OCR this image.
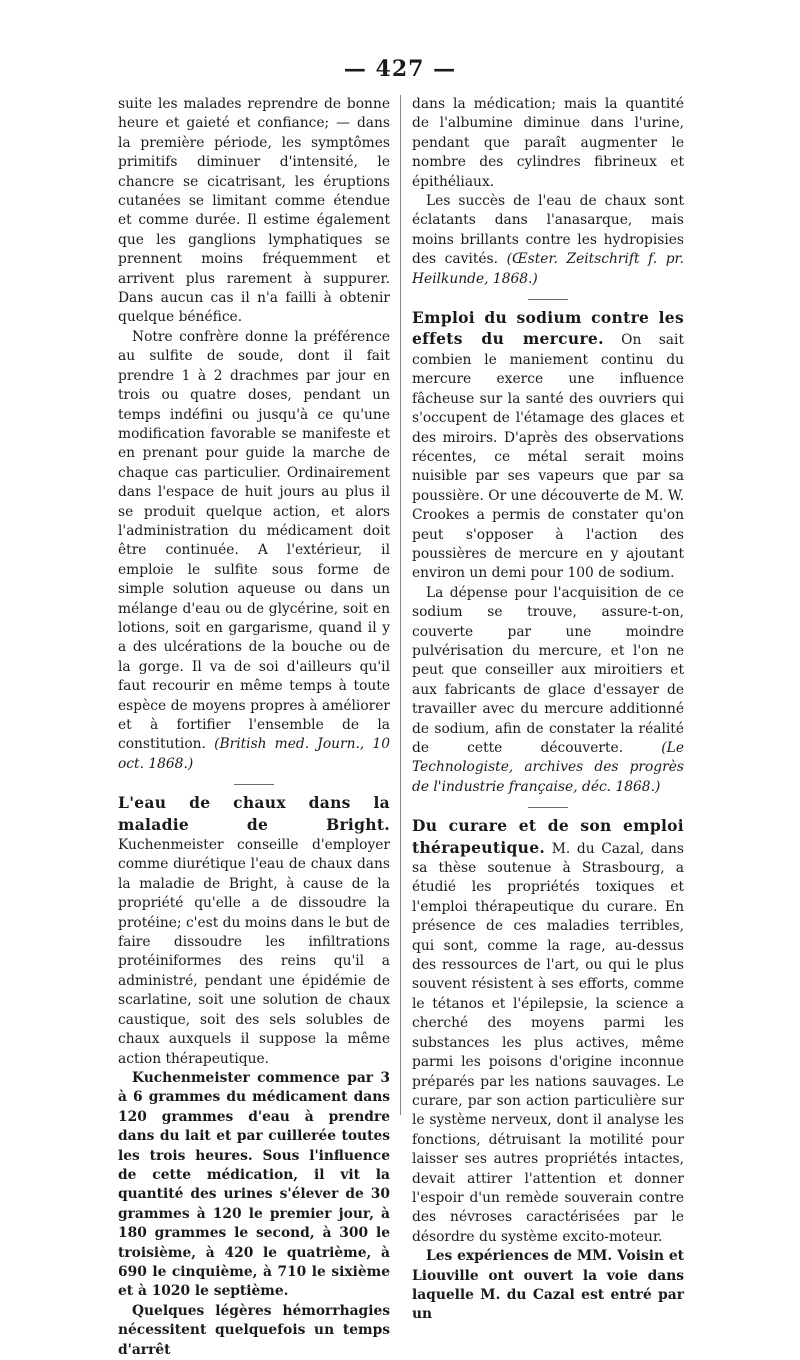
— 427 —

suite les malades reprendre de bonne heure et gaieté et confiance; — dans la première période, les symptômes primitifs diminuer d'intensité, le chancre se cicatrisant, les éruptions cutanées se limitant comme étendue et comme durée. Il estime également que les ganglions lymphatiques se prennent moins fréquemment et arrivent plus rarement à suppurer. Dans aucun cas il n'a failli à obtenir quelque bénéfice.

Notre confrère donne la préférence au sulfite de soude, dont il fait prendre 1 à 2 drachmes par jour en trois ou quatre doses, pendant un temps indéfini ou jusqu'à ce qu'une modification favorable se manifeste et en prenant pour guide la marche de chaque cas particulier. Ordinairement dans l'espace de huit jours au plus il se produit quelque action, et alors l'administration du médicament doit être continuée. A l'extérieur, il emploie le sulfite sous forme de simple solution aqueuse ou dans un mélange d'eau ou de glycérine, soit en lotions, soit en gargarisme, quand il y a des ulcérations de la bouche ou de la gorge. Il va de soi d'ailleurs qu'il faut recourir en même temps à toute espèce de moyens propres à améliorer et à fortifier l'ensemble de la constitution. (British med. Journ., 10 oct. 1868.)

L'eau de chaux dans la maladie de Bright. Kuchenmeister conseille d'employer comme diurétique l'eau de chaux dans la maladie de Bright, à cause de la propriété qu'elle a de dissoudre la protéine; c'est du moins dans le but de faire dissoudre les infiltrations protéiniformes des reins qu'il a administré, pendant une épidémie de scarlatine, soit une solution de chaux caustique, soit des sels solubles de chaux auxquels il suppose la même action thérapeutique.

Kuchenmeister commence par 3 à 6 grammes du médicament dans 120 grammes d'eau à prendre dans du lait et par cuillerée toutes les trois heures. Sous l'influence de cette médication, il vit la quantité des urines s'élever de 30 grammes à 120 le premier jour, à 180 grammes le second, à 300 le troisième, à 420 le quatrième, à 690 le cinquième, à 710 le sixième et à 1020 le septième.

Quelques légères hémorrhagies nécessitent quelquefois un temps d'arrêt

dans la médication; mais la quantité de l'albumine diminue dans l'urine, pendant que paraît augmenter le nombre des cylindres fibrineux et épithéliaux.

Les succès de l'eau de chaux sont éclatants dans l'anasarque, mais moins brillants contre les hydropisies des cavités. (Œster. Zeitschrift f. pr. Heilkunde, 1868.)

Emploi du sodium contre les effets du mercure. On sait combien le maniement continu du mercure exerce une influence fâcheuse sur la santé des ouvriers qui s'occupent de l'étamage des glaces et des miroirs. D'après des observations récentes, ce métal serait moins nuisible par ses vapeurs que par sa poussière. Or une découverte de M. W. Crookes a permis de constater qu'on peut s'opposer à l'action des poussières de mercure en y ajoutant environ un demi pour 100 de sodium.

La dépense pour l'acquisition de ce sodium se trouve, assure-t-on, couverte par une moindre pulvérisation du mercure, et l'on ne peut que conseiller aux miroitiers et aux fabricants de glace d'essayer de travailler avec du mercure additionné de sodium, afin de constater la réalité de cette découverte.	(Le Technologiste, archives des progrès de l'industrie française, déc. 1868.)

Du curare et de son emploi thérapeutique. M. du Cazal, dans sa thèse soutenue à Strasbourg, a étudié les propriétés toxiques et l'emploi thérapeutique du curare. En présence de ces maladies terribles, qui sont, comme la rage, au-dessus des ressources de l'art, ou qui le plus souvent résistent à ses efforts, comme le tétanos et l'épilepsie, la science a cherché des moyens parmi les substances les plus actives, même parmi les poisons d'origine inconnue préparés par les nations sauvages. Le curare, par son action particulière sur le système nerveux, dont il analyse les fonctions, détruisant la motilité pour laisser ses autres propriétés intactes, devait attirer l'attention et donner l'espoir d'un remède souverain contre des névroses caractérisées par le désordre du système excito-moteur.

Les expériences de MM. Voisin et Liouville ont ouvert la voie dans laquelle M. du Cazal est entré par un
